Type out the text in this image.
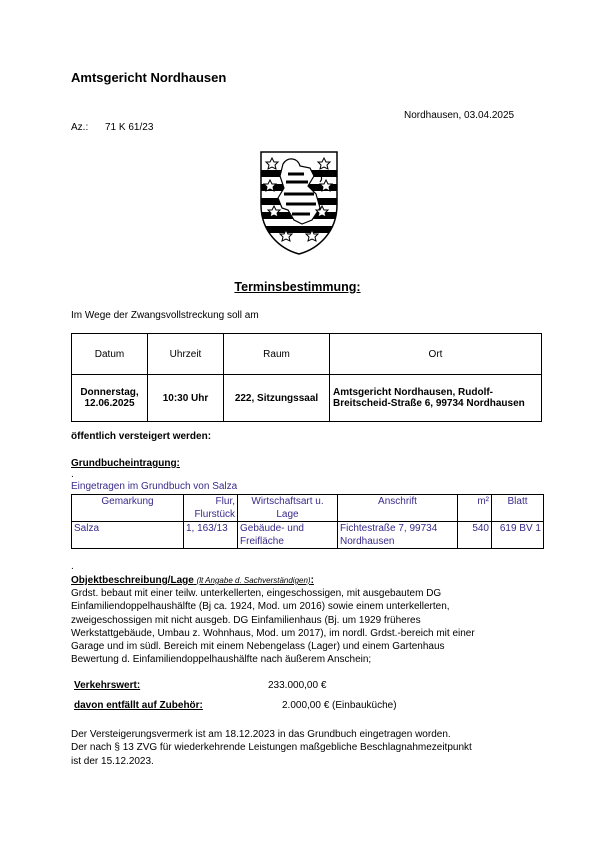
Amtsgericht Nordhausen
Nordhausen, 03.04.2025
Az.: 71 K 61/23
Terminsbestimmung:
Im Wege der Zwangsvollstreckung soll am
Datum	Uhrzeit	Raum	Ort
Donnerstag, 12.06.2025	10:30 Uhr	222, Sitzungssaal	Amtsgericht Nordhausen, Rudolf-Breitscheid-Straße 6, 99734 Nordhausen
öffentlich versteigert werden:
Grundbucheintragung:
.
Eingetragen im Grundbuch von Salza
Gemarkung	Flur, Flurstück	Wirtschaftsart u. Lage	Anschrift	m²	Blatt
Salza	1, 163/13	Gebäude- und Freifläche	Fichtestraße 7, 99734 Nordhausen	540	619 BV 1
.
Objektbeschreibung/Lage (lt Angabe d. Sachverständigen):
Grdst. bebaut mit einer teilw. unterkellerten, eingeschossigen, mit ausgebautem DG
Einfamiliendoppelhaushälfte (Bj ca. 1924, Mod. um 2016) sowie einem unterkellerten,
zweigeschossigen mit nicht ausgeb. DG Einfamilienhaus (Bj. um 1929 früheres
Werkstattgebäude, Umbau z. Wohnhaus, Mod. um 2017), im nordl. Grdst.-bereich mit einer
Garage und im südl. Bereich mit einem Nebengelass (Lager) und einem Gartenhaus
Bewertung d. Einfamiliendoppelhaushälfte nach äußerem Anschein;
Verkehrswert:	233.000,00 €
davon entfällt auf Zubehör:	2.000,00 € (Einbauküche)
Der Versteigerungsvermerk ist am 18.12.2023 in das Grundbuch eingetragen worden.
Der nach § 13 ZVG für wiederkehrende Leistungen maßgebliche Beschlagnahmezeitpunkt
ist der 15.12.2023.
